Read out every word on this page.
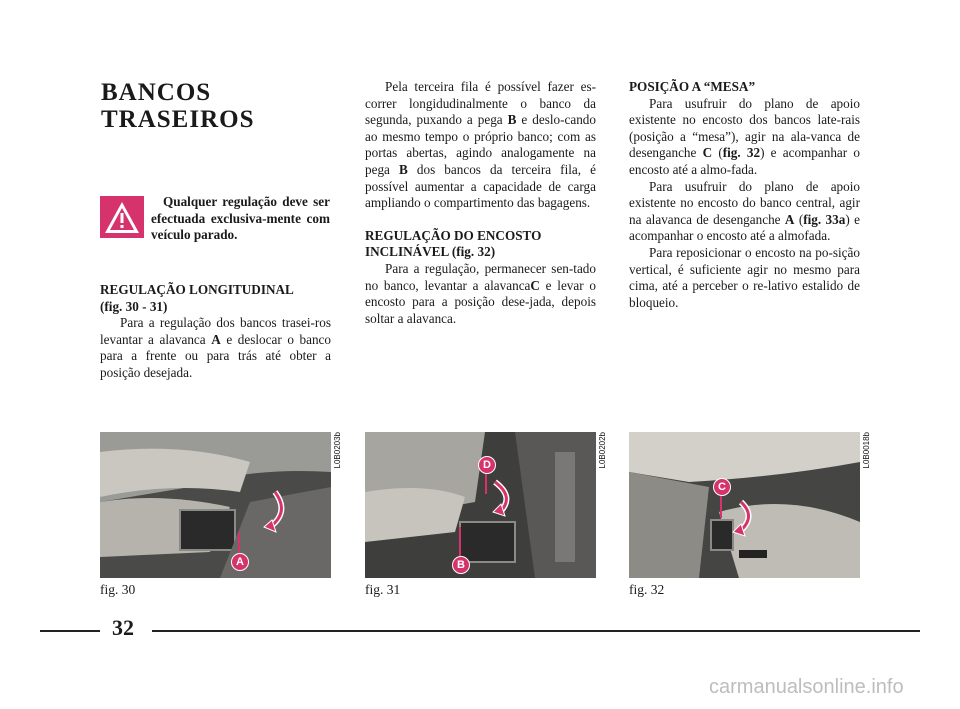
BANCOS
TRASEIROS
Qualquer regulação deve ser efectuada exclusiva-mente com veículo parado.
REGULAÇÃO LONGITUDINAL
(fig. 30 - 31)

Para a regulação dos bancos trasei-ros levantar a alavanca A e deslocar o banco para a frente ou para trás até obter a posição desejada.

Pela terceira fila é possível fazer es-correr longidudinalmente o banco da segunda, puxando a pega B e deslo-cando ao mesmo tempo o próprio banco; com as portas abertas, agindo analogamente na pega B dos bancos da terceira fila, é possível aumentar a capacidade de carga ampliando o compartimento das bagagens.

REGULAÇÃO DO ENCOSTO
INCLINÁVEL (fig. 32)

Para a regulação, permanecer sen-tado no banco, levantar a alavancaC e levar o encosto para a posição dese-jada, depois soltar a alavanca.

POSIÇÃO A “MESA”

Para usufruir do plano de apoio existente no encosto dos bancos late-rais (posição a “mesa”), agir na ala-vanca de desenganche C (fig. 32) e acompanhar o encosto até a almo-fada.

Para usufruir do plano de apoio existente no encosto do banco central, agir na alavanca de desenganche A (fig. 33a) e acompanhar o encosto até a almofada.

Para reposicionar o encosto na po-sição vertical, é suficiente agir no mesmo para cima, até a perceber o re-lativo estalido de bloqueio.

A
L0B0203b
fig. 30
D
B
L0B0202b
fig. 31
C
L0B0018b
fig. 32
32
carmanualsonline.info
